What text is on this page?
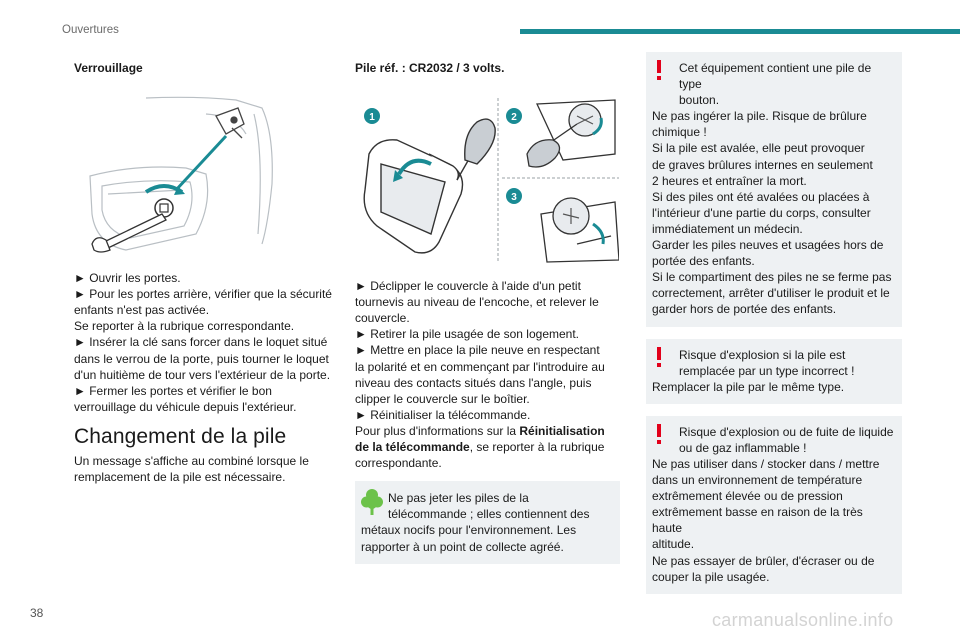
Ouvertures
Verrouillage
► Ouvrir les portes.
► Pour les portes arrière, vérifier que la sécurité
enfants n'est pas activée.
Se reporter à la rubrique correspondante.
► Insérer la clé sans forcer dans le loquet situé
dans le verrou de la porte, puis tourner le loquet
d'un huitième de tour vers l'extérieur de la porte.
► Fermer les portes et vérifier le bon
verrouillage du véhicule depuis l'extérieur.
Changement de la pile
Un message s'affiche au combiné lorsque le
remplacement de la pile est nécessaire.
Pile réf. : CR2032 / 3 volts.
1	2
3
► Déclipper le couvercle à l'aide d'un petit
tournevis au niveau de l'encoche, et relever le
couvercle.
► Retirer la pile usagée de son logement.
► Mettre en place la pile neuve en respectant
la polarité et en commençant par l'introduire au
niveau des contacts situés dans l'angle, puis
clipper le couvercle sur le boîtier.
► Réinitialiser la télécommande.
Pour plus d'informations sur la Réinitialisation
de la télécommande, se reporter à la rubrique
correspondante.
Ne pas jeter les piles de la
télécommande ; elles contiennent des
métaux nocifs pour l'environnement. Les
rapporter à un point de collecte agréé.
Cet équipement contient une pile de type
bouton.
Ne pas ingérer la pile. Risque de brûlure
chimique !
Si la pile est avalée, elle peut provoquer
de graves brûlures internes en seulement
2 heures et entraîner la mort.
Si des piles ont été avalées ou placées à
l'intérieur d'une partie du corps, consulter
immédiatement un médecin.
Garder les piles neuves et usagées hors de
portée des enfants.
Si le compartiment des piles ne se ferme pas
correctement, arrêter d'utiliser le produit et le
garder hors de portée des enfants.
Risque d'explosion si la pile est
remplacée par un type incorrect !
Remplacer la pile par le même type.
Risque d'explosion ou de fuite de liquide
ou de gaz inflammable !
Ne pas utiliser dans / stocker dans / mettre
dans un environnement de température
extrêmement élevée ou de pression
extrêmement basse en raison de la très haute
altitude.
Ne pas essayer de brûler, d'écraser ou de
couper la pile usagée.
38	carmanualsonline.info
